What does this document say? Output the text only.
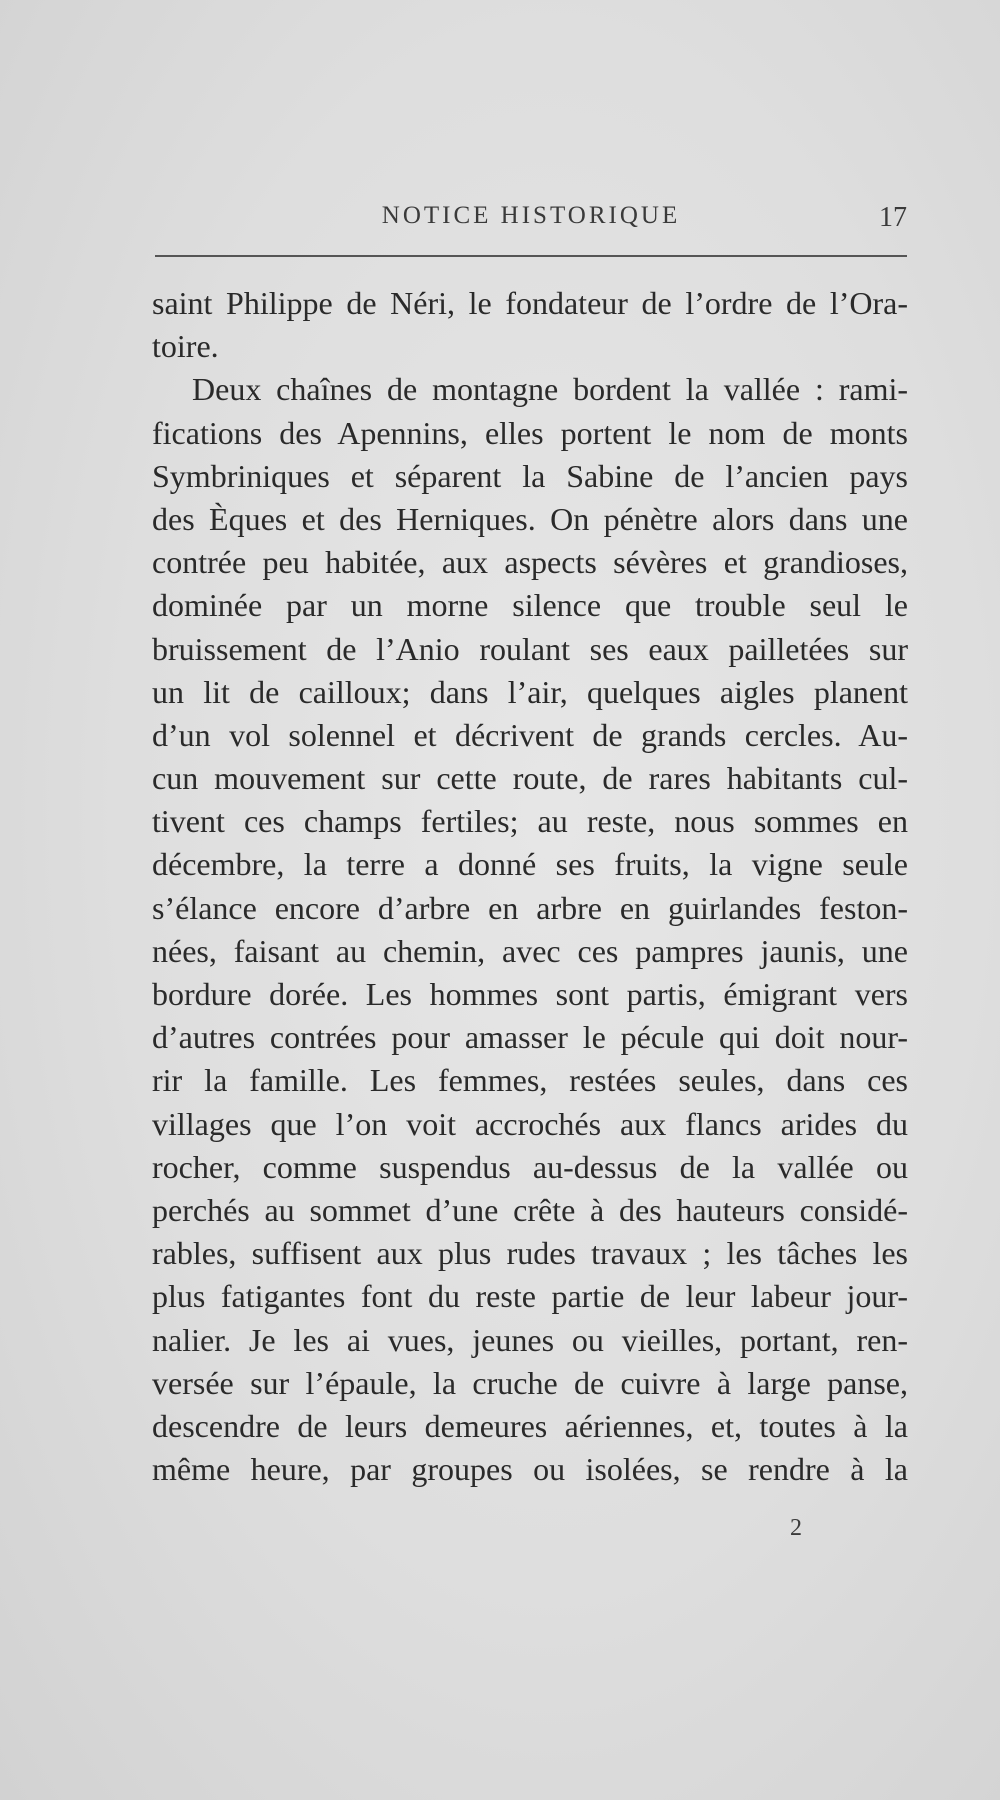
NOTICE HISTORIQUE	17
saint Philippe de Néri, le fondateur de l’ordre de l’Ora-
toire.
Deux chaînes de montagne bordent la vallée : rami-
fications des Apennins, elles portent le nom de monts
Symbriniques et séparent la Sabine de l’ancien pays
des Èques et des Herniques. On pénètre alors dans une
contrée peu habitée, aux aspects sévères et grandioses,
dominée par un morne silence que trouble seul le
bruissement de l’Anio roulant ses eaux pailletées sur
un lit de cailloux; dans l’air, quelques aigles planent
d’un vol solennel et décrivent de grands cercles. Au-
cun mouvement sur cette route, de rares habitants cul-
tivent ces champs fertiles; au reste, nous sommes en
décembre, la terre a donné ses fruits, la vigne seule
s’élance encore d’arbre en arbre en guirlandes feston-
nées, faisant au chemin, avec ces pampres jaunis, une
bordure dorée. Les hommes sont partis, émigrant vers
d’autres contrées pour amasser le pécule qui doit nour-
rir la famille. Les femmes, restées seules, dans ces
villages que l’on voit accrochés aux flancs arides du
rocher, comme suspendus au-dessus de la vallée ou
perchés au sommet d’une crête à des hauteurs considé-
rables, suffisent aux plus rudes travaux ; les tâches les
plus fatigantes font du reste partie de leur labeur jour-
nalier. Je les ai vues, jeunes ou vieilles, portant, ren-
versée sur l’épaule, la cruche de cuivre à large panse,
descendre de leurs demeures aériennes, et, toutes à la
même heure, par groupes ou isolées, se rendre à la
2
